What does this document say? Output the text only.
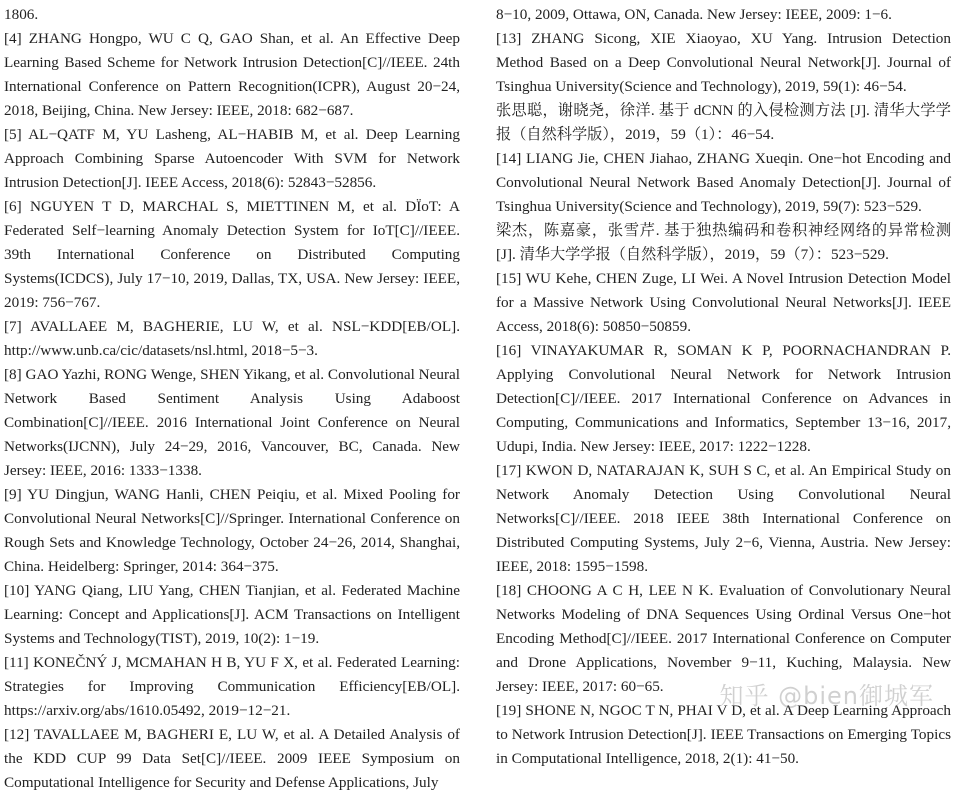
1806.

[4] ZHANG Hongpo, WU C Q, GAO Shan, et al. An Effective Deep Learning Based Scheme for Network Intrusion Detection[C]//IEEE. 24th International Conference on Pattern Recognition(ICPR), August 20−24, 2018, Beijing, China. New Jersey: IEEE, 2018: 682−687.

[5] AL−QATF M, YU Lasheng, AL−HABIB M, et al. Deep Learning Approach Combining Sparse Autoencoder With SVM for Network Intrusion Detection[J]. IEEE Access, 2018(6): 52843−52856.

[6] NGUYEN T D, MARCHAL S, MIETTINEN M, et al. DÏoT: A Federated Self−learning Anomaly Detection System for IoT[C]//IEEE. 39th International Conference on Distributed Computing Systems(ICDCS), July 17−10, 2019, Dallas, TX, USA. New Jersey: IEEE, 2019: 756−767.

[7] AVALLAEE M, BAGHERIE, LU W, et al. NSL−KDD[EB/OL]. http://www.unb.ca/cic/datasets/nsl.html, 2018−5−3.

[8] GAO Yazhi, RONG Wenge, SHEN Yikang, et al. Convolutional Neural Network Based Sentiment Analysis Using Adaboost Combination[C]//IEEE. 2016 International Joint Conference on Neural Networks(IJCNN), July 24−29, 2016, Vancouver, BC, Canada. New Jersey: IEEE, 2016: 1333−1338.

[9] YU Dingjun, WANG Hanli, CHEN Peiqiu, et al. Mixed Pooling for Convolutional Neural Networks[C]//Springer. International Conference on Rough Sets and Knowledge Technology, October 24−26, 2014, Shanghai, China. Heidelberg: Springer, 2014: 364−375.

[10] YANG Qiang, LIU Yang, CHEN Tianjian, et al. Federated Machine Learning: Concept and Applications[J]. ACM Transactions on Intelligent Systems and Technology(TIST), 2019, 10(2): 1−19.

[11] KONEČNÝ J, MCMAHAN H B, YU F X, et al. Federated Learning: Strategies for Improving Communication Efficiency[EB/OL]. https://arxiv.org/abs/1610.05492, 2019−12−21.

[12] TAVALLAEE M, BAGHERI E, LU W, et al. A Detailed Analysis of the KDD CUP 99 Data Set[C]//IEEE. 2009 IEEE Symposium on Computational Intelligence for Security and Defense Applications, July

8−10, 2009, Ottawa, ON, Canada. New Jersey: IEEE, 2009: 1−6.

[13] ZHANG Sicong, XIE Xiaoyao, XU Yang. Intrusion Detection Method Based on a Deep Convolutional Neural Network[J]. Journal of Tsinghua University(Science and Technology), 2019, 59(1): 46−54.

张思聪，谢晓尧，徐洋. 基于 dCNN 的入侵检测方法 [J]. 清华大学学报（自然科学版），2019，59（1）：46−54.

[14] LIANG Jie, CHEN Jiahao, ZHANG Xueqin. One−hot Encoding and Convolutional Neural Network Based Anomaly Detection[J]. Journal of Tsinghua University(Science and Technology), 2019, 59(7): 523−529.

梁杰，陈嘉豪，张雪芹. 基于独热编码和卷积神经网络的异常检测 [J]. 清华大学学报（自然科学版），2019，59（7）：523−529.

[15] WU Kehe, CHEN Zuge, LI Wei. A Novel Intrusion Detection Model for a Massive Network Using Convolutional Neural Networks[J]. IEEE Access, 2018(6): 50850−50859.

[16] VINAYAKUMAR R, SOMAN K P, POORNACHANDRAN P. Applying Convolutional Neural Network for Network Intrusion Detection[C]//IEEE. 2017 International Conference on Advances in Computing, Communications and Informatics, September 13−16, 2017, Udupi, India. New Jersey: IEEE, 2017: 1222−1228.

[17] KWON D, NATARAJAN K, SUH S C, et al. An Empirical Study on Network Anomaly Detection Using Convolutional Neural Networks[C]//IEEE. 2018 IEEE 38th International Conference on Distributed Computing Systems, July 2−6, Vienna, Austria. New Jersey: IEEE, 2018: 1595−1598.

[18] CHOONG A C H, LEE N K. Evaluation of Convolutionary Neural Networks Modeling of DNA Sequences Using Ordinal Versus One−hot Encoding Method[C]//IEEE. 2017 International Conference on Computer and Drone Applications, November 9−11, Kuching, Malaysia. New Jersey: IEEE, 2017: 60−65.

[19] SHONE N, NGOC T N, PHAI V D, et al. A Deep Learning Approach to Network Intrusion Detection[J]. IEEE Transactions on Emerging Topics in Computational Intelligence, 2018, 2(1): 41−50.

知乎 @bien御城军
